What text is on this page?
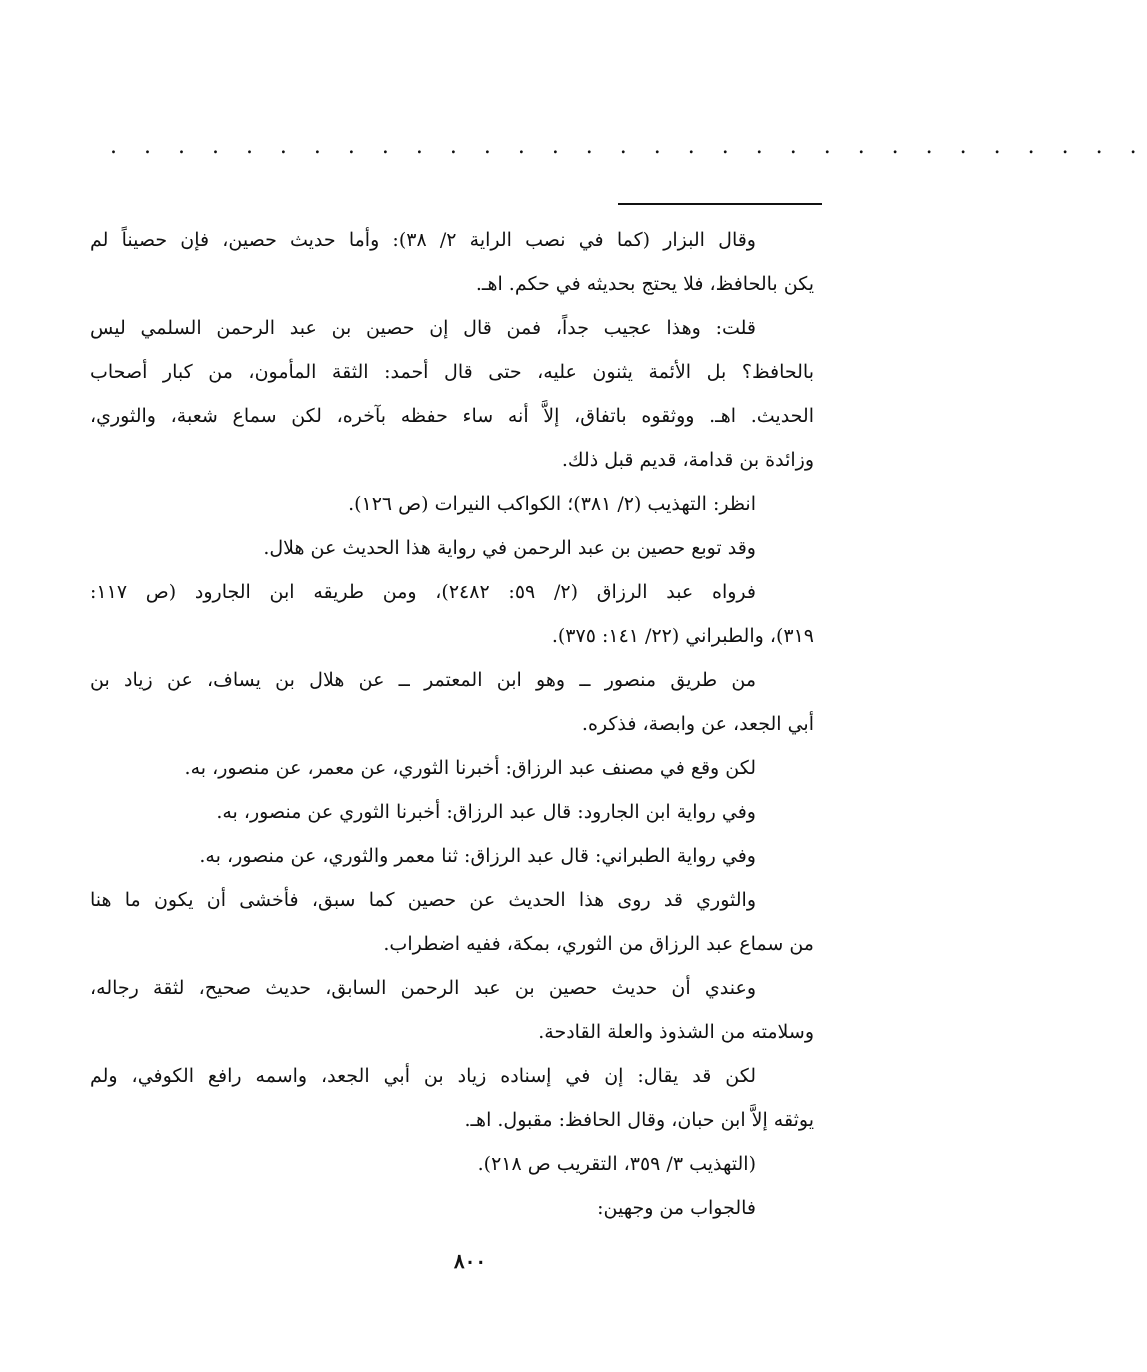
. . . . . . . . . . . . . . . . . . . . . . . . . . . . . . .
وقال البزار (كما في نصب الراية ٢/ ٣٨): وأما حديث حصين، فإن حصيناً لم
يكن بالحافظ، فلا يحتج بحديثه في حكم. اهـ.
قلت: وهذا عجيب جداً، فمن قال إن حصين بن عبد الرحمن السلمي ليس
بالحافظ؟ بل الأئمة يثنون عليه، حتى قال أحمد: الثقة المأمون، من كبار أصحاب
الحديث. اهـ. ووثقوه باتفاق، إلاَّ أنه ساء حفظه بآخره، لكن سماع شعبة، والثوري،
وزائدة بن قدامة، قديم قبل ذلك.
انظر: التهذيب (٢/ ٣٨١)؛ الكواكب النيرات (ص ١٢٦).
وقد توبع حصين بن عبد الرحمن في رواية هذا الحديث عن هلال.
فرواه عبد الرزاق (٢/ ٥٩: ٢٤٨٢)، ومن طريقه ابن الجارود (ص ١١٧:
٣١٩)، والطبراني (٢٢/ ١٤١: ٣٧٥).
من طريق منصور ــ وهو ابن المعتمر ــ عن هلال بن يساف، عن زياد بن
أبي الجعد، عن وابصة، فذكره.
لكن وقع في مصنف عبد الرزاق: أخبرنا الثوري، عن معمر، عن منصور، به.
وفي رواية ابن الجارود: قال عبد الرزاق: أخبرنا الثوري عن منصور، به.
وفي رواية الطبراني: قال عبد الرزاق: ثنا معمر والثوري، عن منصور، به.
والثوري قد روى هذا الحديث عن حصين كما سبق، فأخشى أن يكون ما هنا
من سماع عبد الرزاق من الثوري، بمكة، ففيه اضطراب.
وعندي أن حديث حصين بن عبد الرحمن السابق، حديث صحيح، لثقة رجاله،
وسلامته من الشذوذ والعلة القادحة.
لكن قد يقال: إن في إسناده زياد بن أبي الجعد، واسمه رافع الكوفي، ولم
يوثقه إلاَّ ابن حبان، وقال الحافظ: مقبول. اهـ.
(التهذيب ٣/ ٣٥٩، التقريب ص ٢١٨).
فالجواب من وجهين:
٨٠٠
